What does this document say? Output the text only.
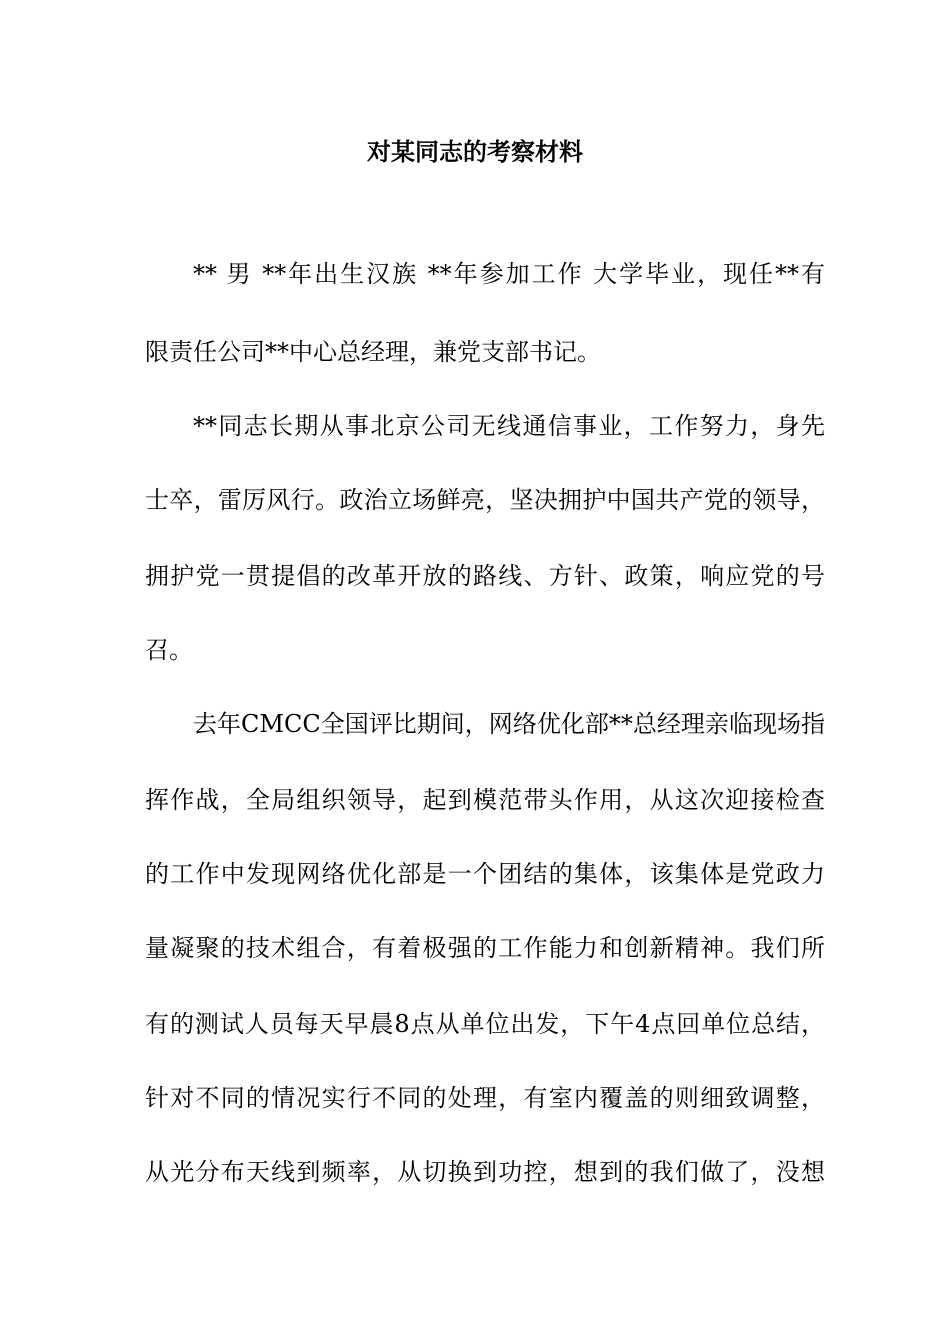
对某同志的考察材料
** 男 **年出生汉族 **年参加工作 大学毕业，现任**有
限责任公司**中心总经理，兼党支部书记。
**同志长期从事北京公司无线通信事业，工作努力，身先
士卒，雷厉风行。政治立场鲜亮，坚决拥护中国共产党的领导，
拥护党一贯提倡的改革开放的路线、方针、政策，响应党的号
召。
去年CMCC全国评比期间，网络优化部**总经理亲临现场指
挥作战，全局组织领导，起到模范带头作用，从这次迎接检查
的工作中发现网络优化部是一个团结的集体，该集体是党政力
量凝聚的技术组合，有着极强的工作能力和创新精神。我们所
有的测试人员每天早晨8点从单位出发，下午4点回单位总结，
针对不同的情况实行不同的处理，有室内覆盖的则细致调整，
从光分布天线到频率，从切换到功控，想到的我们做了，没想
